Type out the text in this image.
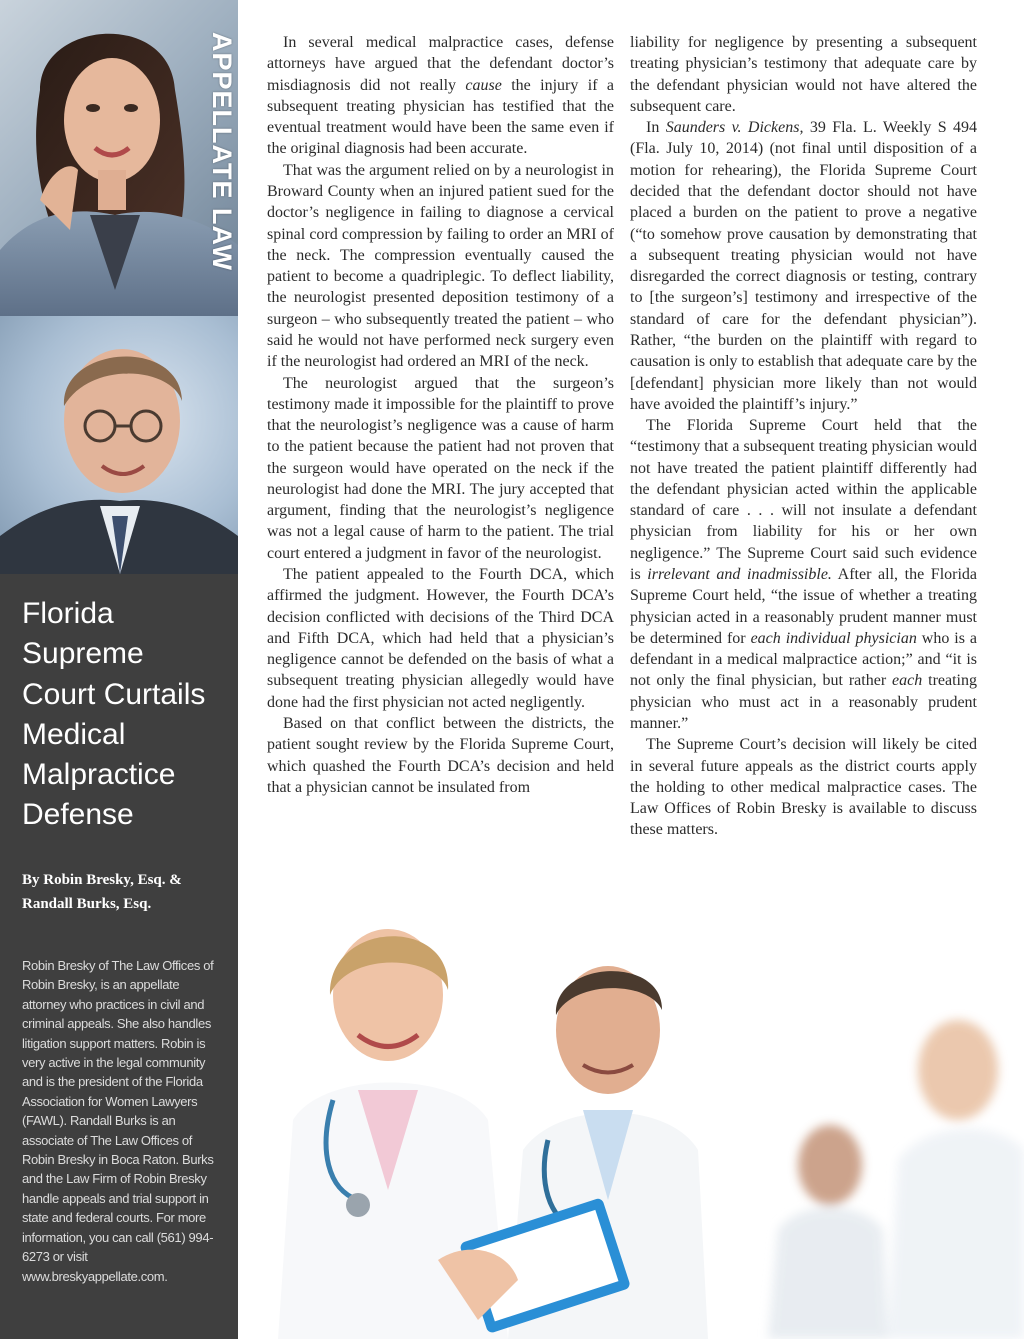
APPELLATE LAW
Florida
Supreme
Court Curtails
Medical
Malpractice
Defense

By Robin Bresky, Esq. &
Randall Burks, Esq.

Robin Bresky of The Law Offices of Robin Bresky, is an appellate attorney who practices in civil and criminal appeals. She also handles litigation support matters. Robin is very active in the legal community and is the president of the Florida Association for Women Lawyers (FAWL). Randall Burks is an associate of The Law Offices of Robin Bresky in Boca Raton. Burks and the Law Firm of Robin Bresky handle appeals and trial support in state and federal courts. For more information, you can call (561) 994-6273 or visit www.breskyappellate.com.

In several medical malpractice cases, defense attorneys have argued that the defendant doctor’s misdiagnosis did not really cause the injury if a subsequent treating physician has testified that the eventual treatment would have been the same even if the original diagnosis had been accurate.

That was the argument relied on by a neurologist in Broward County when an injured patient sued for the doctor’s negligence in failing to diagnose a cervical spinal cord compression by failing to order an MRI of the neck. The compression eventually caused the patient to become a quadriplegic. To deflect liability, the neurologist presented deposition testimony of a surgeon – who subsequently treated the patient – who said he would not have performed neck surgery even if the neurologist had ordered an MRI of the neck.

The neurologist argued that the surgeon’s testimony made it impossible for the plaintiff to prove that the neurologist’s negligence was a cause of harm to the patient because the patient had not proven that the surgeon would have operated on the neck if the neurologist had done the MRI. The jury accepted that argument, finding that the neurologist’s negligence was not a legal cause of harm to the patient. The trial court entered a judgment in favor of the neurologist.

The patient appealed to the Fourth DCA, which affirmed the judgment. However, the Fourth DCA’s decision conflicted with decisions of the Third DCA and Fifth DCA, which had held that a physician’s negligence cannot be defended on the basis of what a subsequent treating physician allegedly would have done had the first physician not acted negligently.

Based on that conflict between the districts, the patient sought review by the Florida Supreme Court, which quashed the Fourth DCA’s decision and held that a physician cannot be insulated from

liability for negligence by presenting a subsequent treating physician’s testimony that adequate care by the defendant physician would not have altered the subsequent care.

In Saunders v. Dickens, 39 Fla. L. Weekly S 494 (Fla. July 10, 2014) (not final until disposition of a motion for rehearing), the Florida Supreme Court decided that the defendant doctor should not have placed a burden on the patient to prove a negative (“to somehow prove causation by demonstrating that a subsequent treating physician would not have disregarded the correct diagnosis or testing, contrary to [the surgeon’s] testimony and irrespective of the standard of care for the defendant physician”). Rather, “the burden on the plaintiff with regard to causation is only to establish that adequate care by the [defendant] physician more likely than not would have avoided the plaintiff’s injury.”

The Florida Supreme Court held that the “testimony that a subsequent treating physician would not have treated the patient plaintiff differently had the defendant physician acted within the applicable standard of care . . . will not insulate a defendant physician from liability for his or her own negligence.” The Supreme Court said such evidence is irrelevant and inadmissible. After all, the Florida Supreme Court held, “the issue of whether a treating physician acted in a reasonably prudent manner must be determined for each individual physician who is a defendant in a medical malpractice action;” and “it is not only the final physician, but rather each treating physician who must act in a reasonably prudent manner.”

The Supreme Court’s decision will likely be cited in several future appeals as the district courts apply the holding to other medical malpractice cases. The Law Offices of Robin Bresky is available to discuss these matters.
